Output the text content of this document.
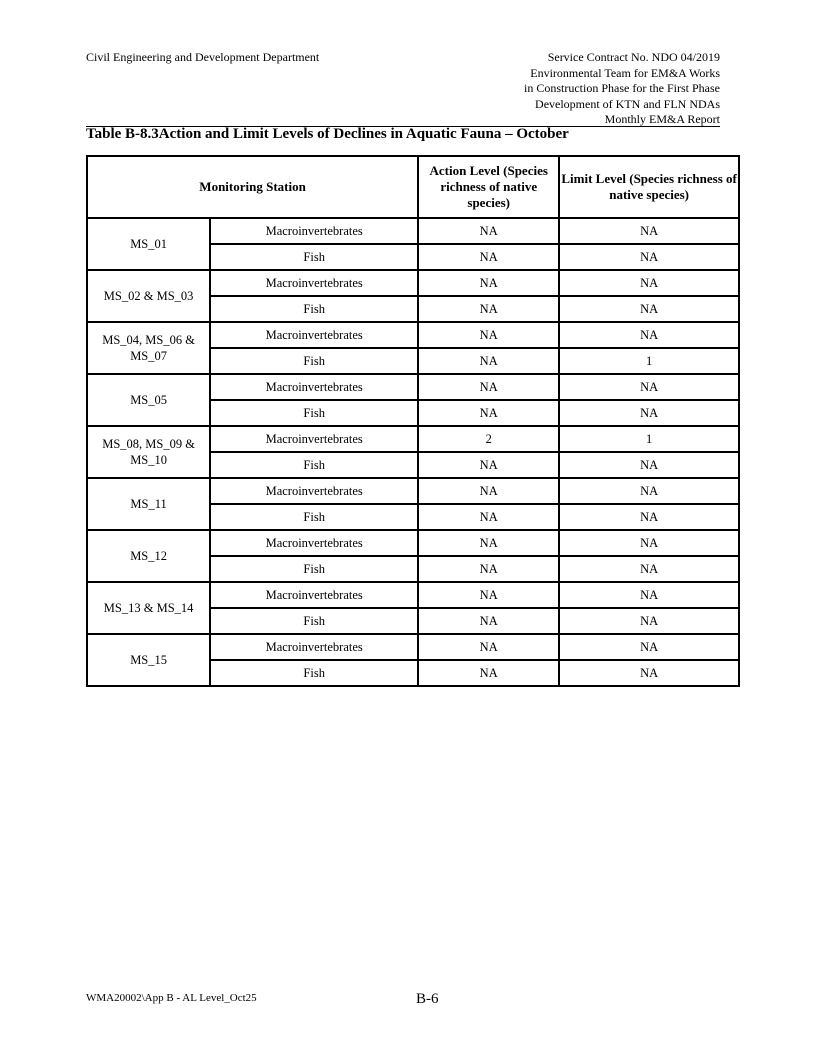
Civil Engineering and Development Department	Service Contract No. NDO 04/2019
Environmental Team for EM&A Works
in Construction Phase for the First Phase
Development of KTN and FLN NDAs
Monthly EM&A Report
Table B-8.3Action and Limit Levels of Declines in Aquatic Fauna – October
Monitoring Station		Action Level (Species richness of native species)	Limit Level (Species richness of native species)
MS_01	Macroinvertebrates	NA	NA
	Fish	NA	NA
MS_02 & MS_03	Macroinvertebrates	NA	NA
	Fish	NA	NA
MS_04, MS_06 & MS_07	Macroinvertebrates	NA	NA
	Fish	NA	1
MS_05	Macroinvertebrates	NA	NA
	Fish	NA	NA
MS_08, MS_09 & MS_10	Macroinvertebrates	2	1
	Fish	NA	NA
MS_11	Macroinvertebrates	NA	NA
	Fish	NA	NA
MS_12	Macroinvertebrates	NA	NA
	Fish	NA	NA
MS_13 & MS_14	Macroinvertebrates	NA	NA
	Fish	NA	NA
MS_15	Macroinvertebrates	NA	NA
	Fish	NA	NA
WMA20002\App B - AL Level_Oct25	B-6
